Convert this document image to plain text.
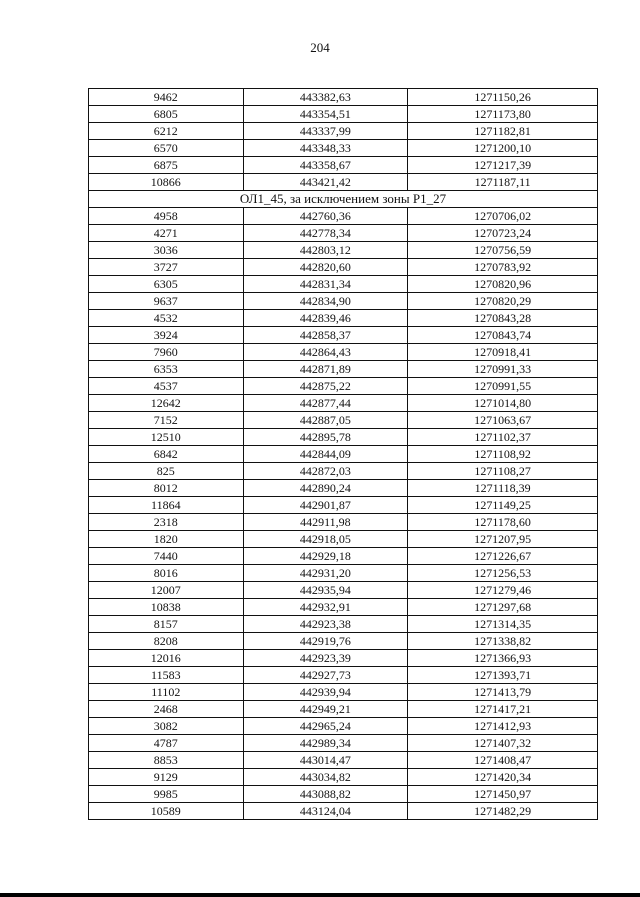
204
9462	443382,63	1271150,26
6805	443354,51	1271173,80
6212	443337,99	1271182,81
6570	443348,33	1271200,10
6875	443358,67	1271217,39
10866	443421,42	1271187,11
ОЛ1_45, за исключением зоны Р1_27		
4958	442760,36	1270706,02
4271	442778,34	1270723,24
3036	442803,12	1270756,59
3727	442820,60	1270783,92
6305	442831,34	1270820,96
9637	442834,90	1270820,29
4532	442839,46	1270843,28
3924	442858,37	1270843,74
7960	442864,43	1270918,41
6353	442871,89	1270991,33
4537	442875,22	1270991,55
12642	442877,44	1271014,80
7152	442887,05	1271063,67
12510	442895,78	1271102,37
6842	442844,09	1271108,92
825	442872,03	1271108,27
8012	442890,24	1271118,39
11864	442901,87	1271149,25
2318	442911,98	1271178,60
1820	442918,05	1271207,95
7440	442929,18	1271226,67
8016	442931,20	1271256,53
12007	442935,94	1271279,46
10838	442932,91	1271297,68
8157	442923,38	1271314,35
8208	442919,76	1271338,82
12016	442923,39	1271366,93
11583	442927,73	1271393,71
11102	442939,94	1271413,79
2468	442949,21	1271417,21
3082	442965,24	1271412,93
4787	442989,34	1271407,32
8853	443014,47	1271408,47
9129	443034,82	1271420,34
9985	443088,82	1271450,97
10589	443124,04	1271482,29
